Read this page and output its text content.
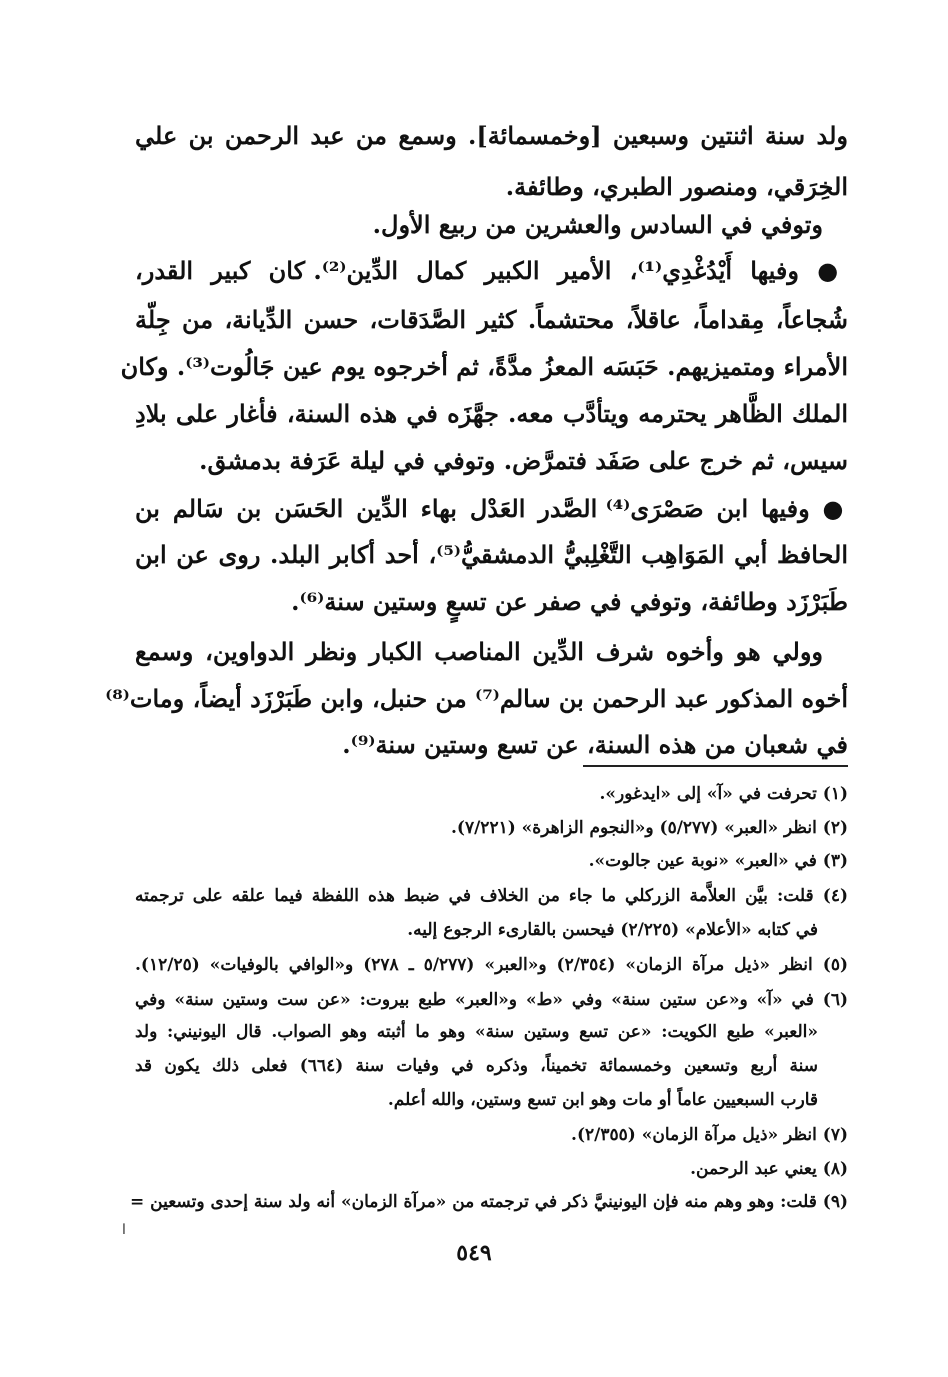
ولد سنة اثنتين وسبعين [وخمسمائة]. وسمع من عبد الرحمن بن علي
الخِرَقي، ومنصور الطبري، وطائفة.
وتوفي في السادس والعشرين من ربيع الأول.
● وفيها أَيْدُغْدِي⁽¹⁾، الأمير الكبير كمال الدِّين⁽²⁾. كان كبير القدر،
شُجاعاً، مِقداماً، عاقلاً، محتشماً. كثير الصَّدَقات، حسن الدِّيانة، من جِلّة
الأمراء ومتميزيهم. حَبَسَه المعزُ مدَّةً، ثم أخرجوه يوم عين جَالُوت⁽³⁾. وكان
الملك الظَّاهر يحترمه ويتأدَّب معه. جهَّزَه في هذه السنة، فأغار على بلادِ
سيس، ثم خرج على صَفَد فتمرَّض. وتوفي في ليلة عَرَفة بدمشق.
● وفيها ابن صَصْرَى⁽⁴⁾ الصَّدر العَدْل بهاء الدِّين الحَسَن بن سَالم بن
الحافظ أبي المَوَاهِب التَّغْلِبيُّ الدمشقيُّ⁽⁵⁾، أحد أكابر البلد. روى عن ابن
طَبَرْزَد وطائفة، وتوفي في صفر عن تسعٍ وستين سنة⁽⁶⁾.
وولي هو وأخوه شرف الدِّين المناصب الكبار ونظر الدواوين، وسمع
أخوه المذكور عبد الرحمن بن سالم⁽⁷⁾ من حنبل، وابن طَبَرْزَد أيضاً، ومات⁽⁸⁾
في شعبان من هذه السنة، عن تسع وستين سنة⁽⁹⁾.
(١) تحرفت في «آ» إلى «ايدغور».
(٢) انظر «العبر» (٥/٢٧٧) و«النجوم الزاهرة» (٧/٢٢١).
(٣) في «العبر» «نوبة عين جالوت».
(٤) قلت: بيَّن العلاَّمة الزركلي ما جاء من الخلاف في ضبط هذه اللفظة فيما علقه على ترجمته
في كتابه «الأعلام» (٢/٢٢٥) فيحسن بالقارىء الرجوع إليه.
(٥) انظر «ذيل مرآة الزمان» (٢/٣٥٤) و«العبر» (٥/٢٧٧ ـ ٢٧٨) و«الوافي بالوفيات» (١٢/٢٥).
(٦) في «آ» و«عن ستين سنة» وفي «ط» و«العبر» طبع بيروت: «عن ست وستين سنة» وفي
«العبر» طبع الكويت: «عن تسع وستين سنة» وهو ما أثبته وهو الصواب. قال اليونيني: ولد
سنة أربع وتسعين وخمسمائة تخميناً، وذكره في وفيات سنة (٦٦٤) فعلى ذلك يكون قد
قارب السبعيين عاماً أو مات وهو ابن تسع وستين، والله أعلم.
(٧) انظر «ذيل مرآة الزمان» (٢/٣٥٥).
(٨) يعني عبد الرحمن.
(٩) قلت: وهو وهم منه فإن اليونينيَّ ذكر في ترجمته من «مرآة الزمان» أنه ولد سنة إحدى وتسعين =
ا
٥٤٩
